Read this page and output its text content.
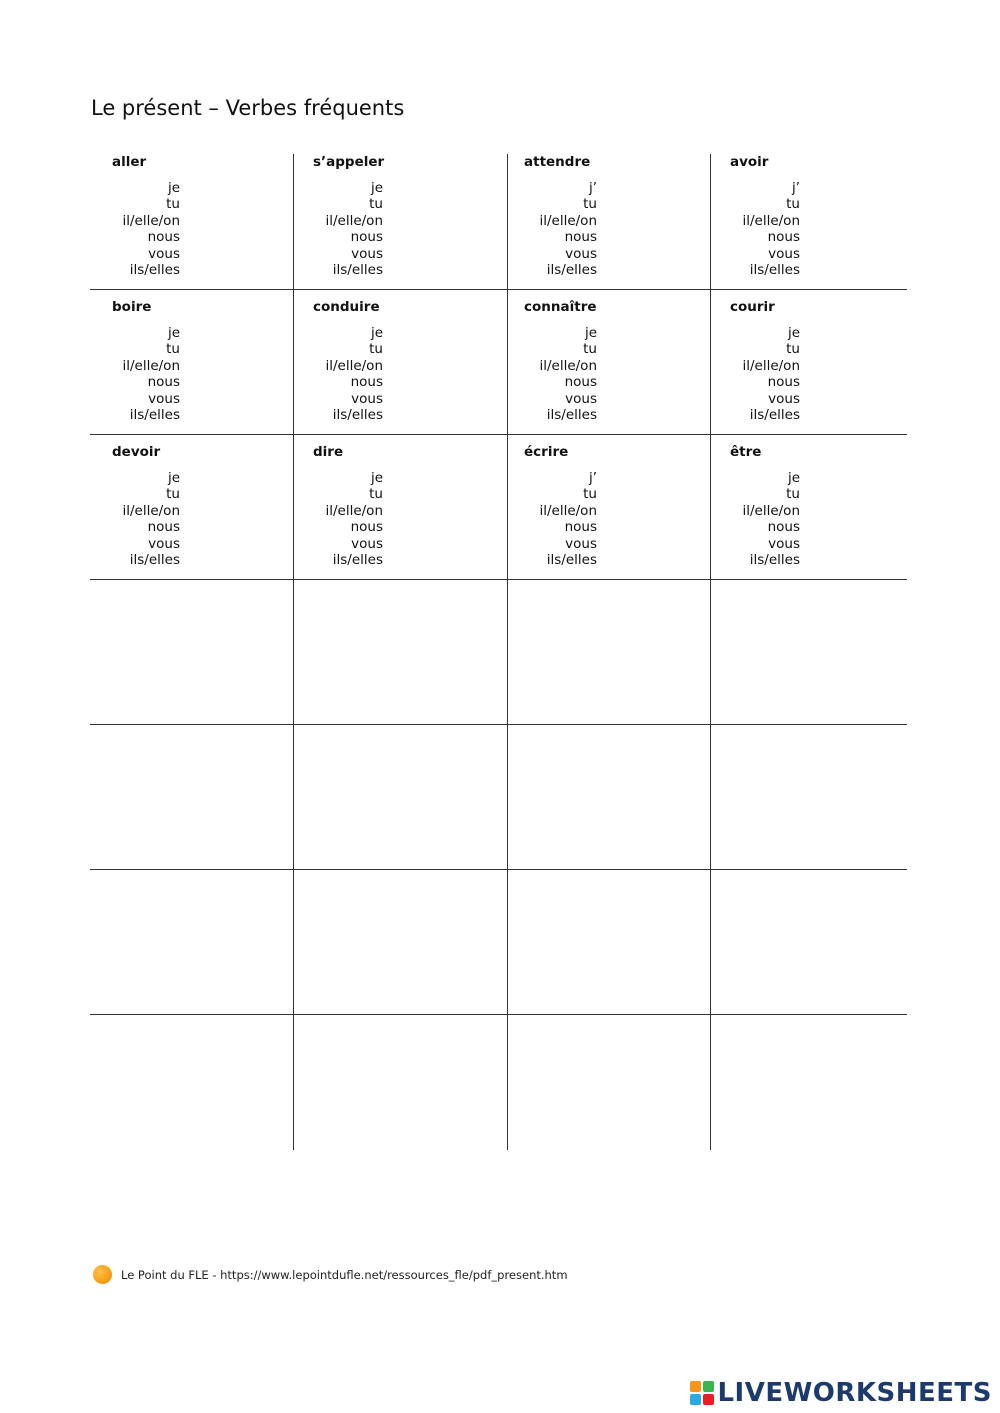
Le présent – Verbes fréquents
aller
je
tu
il/elle/on
nous
vous
ils/elles
s’appeler
je
tu
il/elle/on
nous
vous
ils/elles
attendre
j’
tu
il/elle/on
nous
vous
ils/elles
avoir
j’
tu
il/elle/on
nous
vous
ils/elles
boire
je
tu
il/elle/on
nous
vous
ils/elles
conduire
je
tu
il/elle/on
nous
vous
ils/elles
connaître
je
tu
il/elle/on
nous
vous
ils/elles
courir
je
tu
il/elle/on
nous
vous
ils/elles
devoir
je
tu
il/elle/on
nous
vous
ils/elles
dire
je
tu
il/elle/on
nous
vous
ils/elles
écrire
j’
tu
il/elle/on
nous
vous
ils/elles
être
je
tu
il/elle/on
nous
vous
ils/elles
Le Point du FLE - https://www.lepointdufle.net/ressources_fle/pdf_present.htm
LIVEWORKSHEETS
